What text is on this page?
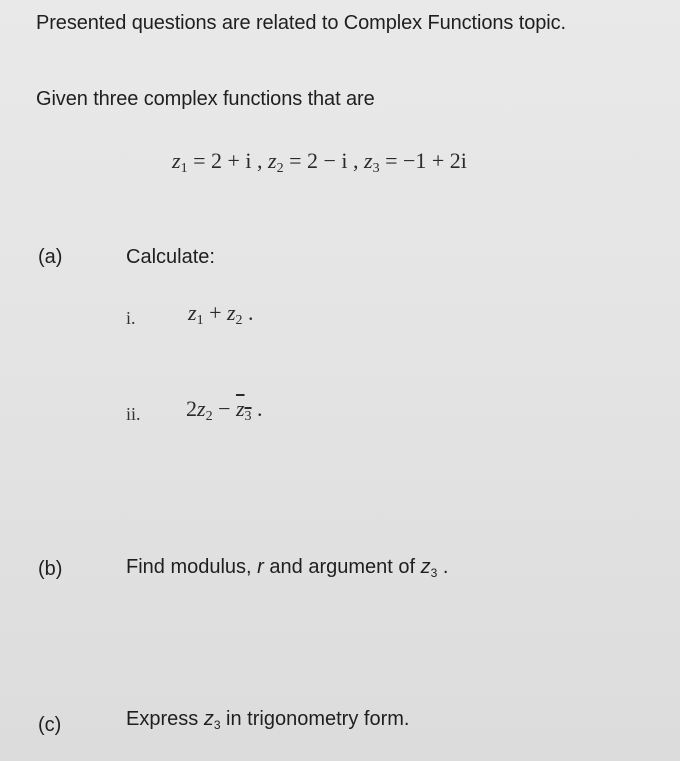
Presented questions are related to Complex Functions topic.
Given three complex functions that are
$z_1 = 2 + i$ , $z_2 = 2 - i$ , $z_3 = -1 + 2i$
(a)	Calculate:
i. $z_1 + z_2$ .
ii. $2z_2 - z_3$ .
(b)	Find modulus, r and argument of $z_3$ .
(c)	Express $z_3$ in trigonometry form.
